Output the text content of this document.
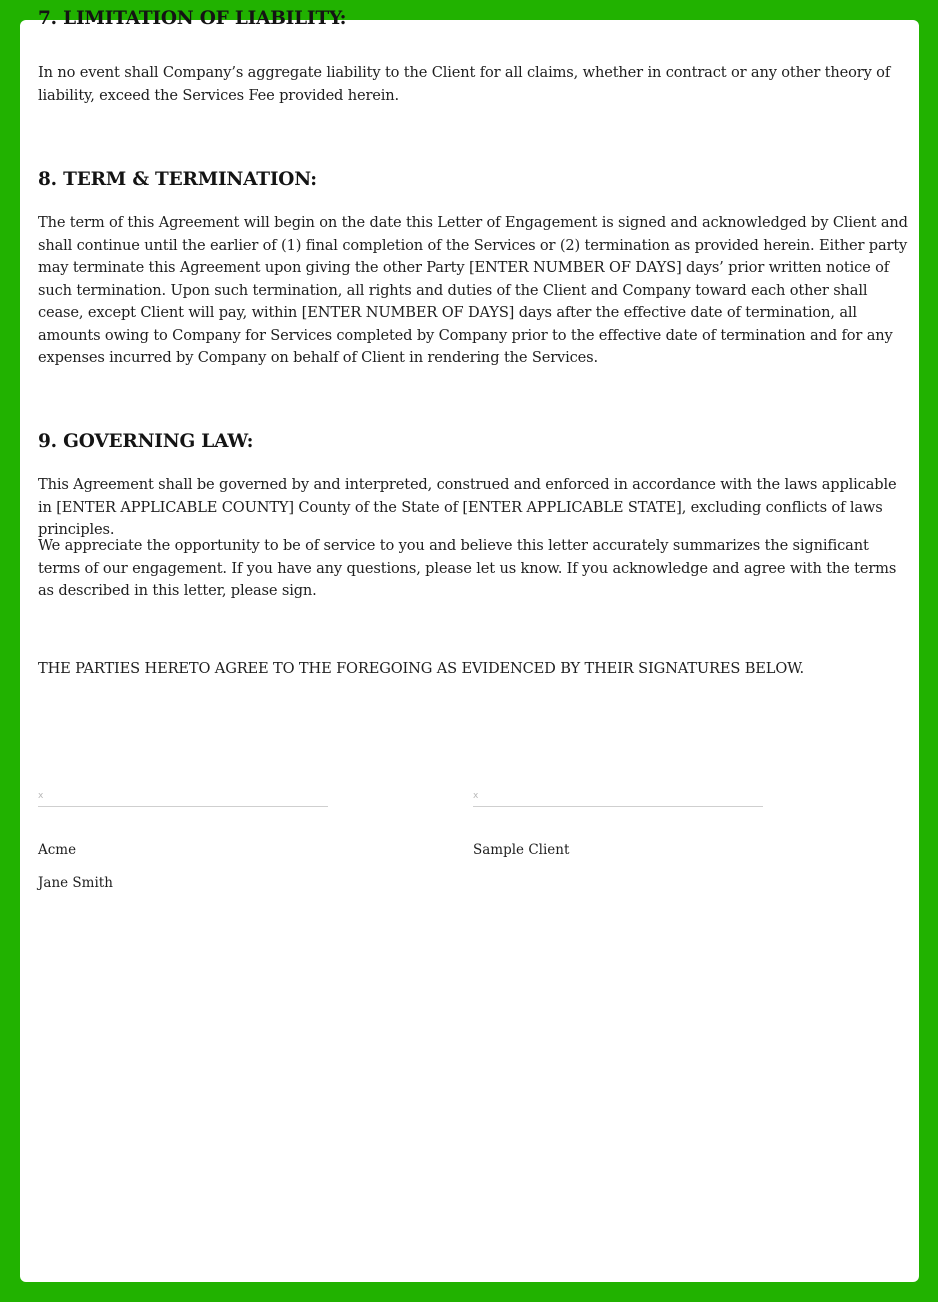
7. LIMITATION OF LIABILITY:

In no event shall Company’s aggregate liability to the Client for all claims, whether in contract or any other theory of liability, exceed the Services Fee provided herein.

8. TERM & TERMINATION:

The term of this Agreement will begin on the date this Letter of Engagement is signed and acknowledged by Client and shall continue until the earlier of (1) final completion of the Services or (2) termination as provided herein. Either party may terminate this Agreement upon giving the other Party [ENTER NUMBER OF DAYS] days’ prior written notice of such termination. Upon such termination, all rights and duties of the Client and Company toward each other shall cease, except Client will pay, within [ENTER NUMBER OF DAYS] days after the effective date of termination, all amounts owing to Company for Services completed by Company prior to the effective date of termination and for any expenses incurred by Company on behalf of Client in rendering the Services.

9. GOVERNING LAW:

This Agreement shall be governed by and interpreted, construed and enforced in accordance with the laws applicable in [ENTER APPLICABLE COUNTY] County of the State of [ENTER APPLICABLE STATE], excluding conflicts of laws principles.

We appreciate the opportunity to be of service to you and believe this letter accurately summarizes the significant terms of our engagement. If you have any questions, please let us know. If you acknowledge and agree with the terms as described in this letter, please sign.

THE PARTIES HERETO AGREE TO THE FOREGOING AS EVIDENCED BY THEIR SIGNATURES BELOW.

x
Acme
Jane Smith
x
Sample Client
